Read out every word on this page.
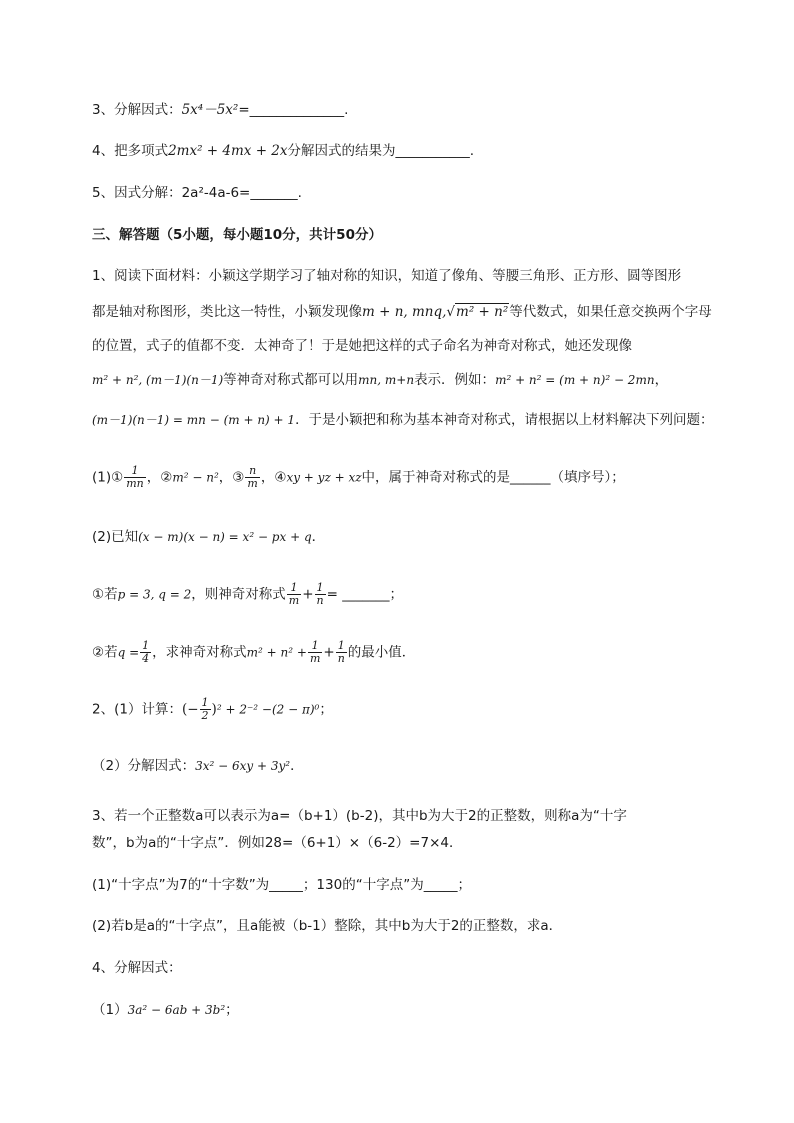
3、分解因式：5x⁴－5x²=______________.
4、把多项式2mx² + 4mx + 2x分解因式的结果为___________.
5、因式分解：2a²-4a-6=_______.
三、解答题（5小题，每小题10分，共计50分）
1、阅读下面材料：小颖这学期学习了轴对称的知识，知道了像角、等腰三角形、正方形、圆等图形
都是轴对称图形，类比这一特性，小颖发现像m + n, mnq,√m² + n²等代数式，如果任意交换两个字母
的位置，式子的值都不变．太神奇了！于是她把这样的式子命名为神奇对称式，她还发现像
m² + n², (m－1)(n－1)等神奇对称式都可以用mn, m+n表示．例如：m² + n² = (m + n)² − 2mn，
(m－1)(n－1) = mn − (m + n) + 1．于是小颖把和称为基本神奇对称式，请根据以上材料解决下列问题：
(1)① $\frac{1}{mn}$ ，②m² − n²，③ $\frac{n}{m}$ ，④xy + yz + xz中，属于神奇对称式的是______（填序号）；
(2)已知(x − m)(x − n) = x² − px + q．
①若p = 3, q = 2，则神奇对称式 $\frac{1}{m} + \frac{1}{n}$ = _______；
②若$q = \frac{1}{4}$ ，求神奇对称式$m^2 + n^2 + \frac{1}{m} + \frac{1}{n}$ 的最小值．
2、(1）计算：(− $\frac{1}{2} )^2 + 2^{-2} -(2 - \pi)^0$；
（2）分解因式：3x² − 6xy + 3y²．
3、若一个正整数a可以表示为a=（b+1）(b-2)，其中b为大于2的正整数，则称a为“十字
数”，b为a的“十字点”．例如28=（6+1）×（6-2）=7×4．
(1)“十字点”为7的“十字数”为_____；130的“十字点”为_____；
(2)若b是a的“十字点”，且a能被（b-1）整除，其中b为大于2的正整数，求a．
4、分解因式：
（1）3a² − 6ab + 3b²；
